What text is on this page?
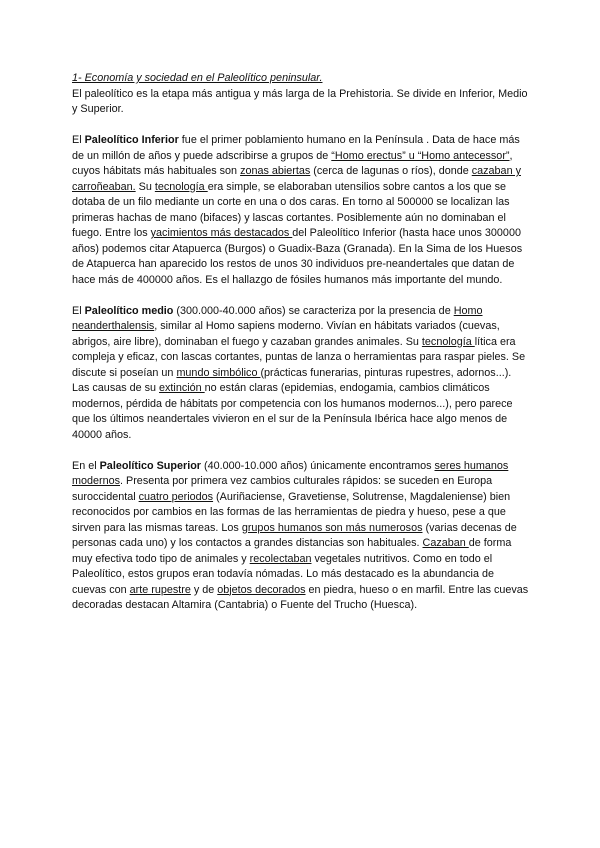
1- Economía y sociedad en el Paleolítico peninsular.

El paleolítico es la etapa más antigua y más larga de la Prehistoria. Se divide en Inferior, Medio y Superior.

El Paleolítico Inferior fue el primer poblamiento humano en la Península . Data de hace más de un millón de años y puede adscribirse a grupos de “Homo erectus” u “Homo antecessor”, cuyos hábitats más habituales son zonas abiertas (cerca de lagunas o ríos), donde cazaban y carroñeaban. Su tecnología era simple, se elaboraban utensilios sobre cantos a los que se dotaba de un filo mediante un corte en una o dos caras. En torno al 500000 se localizan las primeras hachas de mano (bifaces) y lascas cortantes. Posiblemente aún no dominaban el fuego. Entre los yacimientos más destacados del Paleolítico Inferior (hasta hace unos 300000 años) podemos citar Atapuerca (Burgos) o Guadix-Baza (Granada). En la Sima de los Huesos de Atapuerca han aparecido los restos de unos 30 individuos pre-neandertales que datan de hace más de 400000 años. Es el hallazgo de fósiles humanos más importante del mundo.

El Paleolítico medio (300.000-40.000 años) se caracteriza por la presencia de Homo neanderthalensis, similar al Homo sapiens moderno. Vivían en hábitats variados (cuevas, abrigos, aire libre), dominaban el fuego y cazaban grandes animales. Su tecnología lítica era compleja y eficaz, con lascas cortantes, puntas de lanza o herramientas para raspar pieles. Se discute si poseían un mundo simbólico (prácticas funerarias, pinturas rupestres, adornos...). Las causas de su extinción no están claras (epidemias, endogamia, cambios climáticos modernos, pérdida de hábitats por competencia con los humanos modernos...), pero parece que los últimos neandertales vivieron en el sur de la Península Ibérica hace algo menos de 40000 años.

En el Paleolítico Superior (40.000-10.000 años) únicamente encontramos seres humanos modernos. Presenta por primera vez cambios culturales rápidos: se suceden en Europa suroccidental cuatro periodos (Auriñaciense, Gravetiense, Solutrense, Magdaleniense) bien reconocidos por cambios en las formas de las herramientas de piedra y hueso, pese a que sirven para las mismas tareas. Los grupos humanos son más numerosos (varias decenas de personas cada uno) y los contactos a grandes distancias son habituales. Cazaban de forma muy efectiva todo tipo de animales y recolectaban vegetales nutritivos. Como en todo el Paleolítico, estos grupos eran todavía nómadas. Lo más destacado es la abundancia de cuevas con arte rupestre y de objetos decorados en piedra, hueso o en marfil. Entre las cuevas decoradas destacan Altamira (Cantabria) o Fuente del Trucho (Huesca).
